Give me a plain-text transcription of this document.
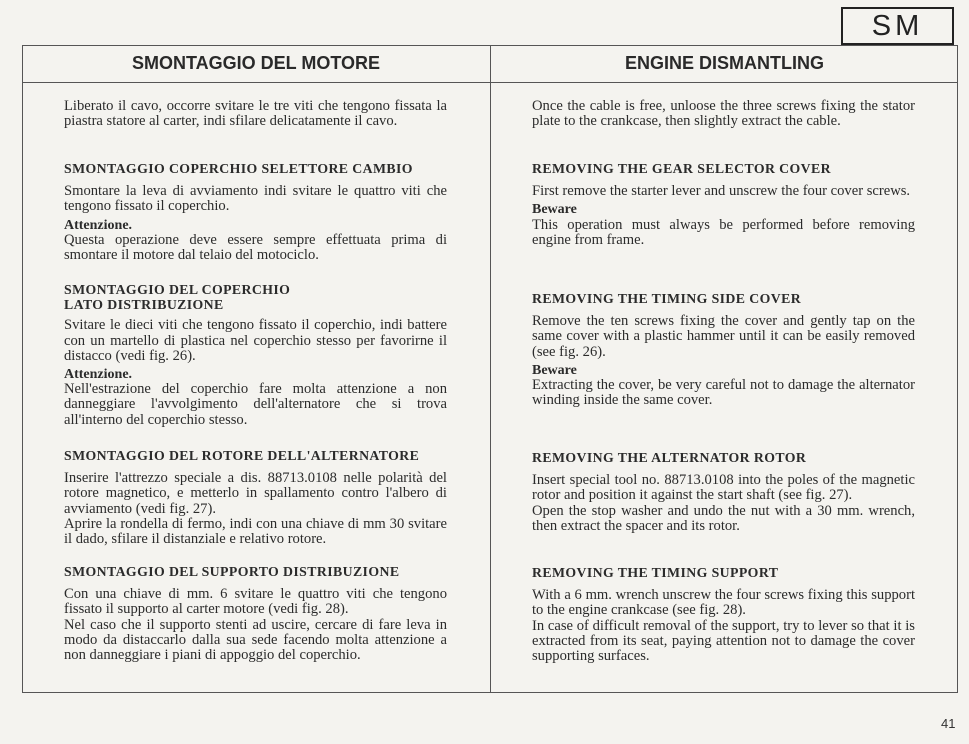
SM
SMONTAGGIO DEL MOTORE	ENGINE DISMANTLING

Liberato il cavo, occorre svitare le tre viti che tengono fissata la piastra statore al carter, indi sfilare delicatamente il cavo.

SMONTAGGIO COPERCHIO SELETTORE CAMBIO

Smontare la leva di avviamento indi svitare le quattro viti che tengono fissato il coperchio.

Attenzione.

Questa operazione deve essere sempre effettuata prima di smontare il motore dal telaio del motociclo.

SMONTAGGIO DEL COPERCHIO
LATO DISTRIBUZIONE

Svitare le dieci viti che tengono fissato il coperchio, indi battere con un martello di plastica nel coperchio stesso per favorirne il distacco (vedi fig. 26).

Attenzione.

Nell'estrazione del coperchio fare molta attenzione a non danneggiare l'avvolgimento dell'alternatore che si trova all'interno del coperchio stesso.

SMONTAGGIO DEL ROTORE DELL'ALTERNATORE

Inserire l'attrezzo speciale a dis. 88713.0108 nelle polarità del rotore magnetico, e metterlo in spallamento contro l'albero di avviamento (vedi fig. 27).

Aprire la rondella di fermo, indi con una chiave di mm 30 svitare il dado, sfilare il distanziale e relativo rotore.

SMONTAGGIO DEL SUPPORTO DISTRIBUZIONE

Con una chiave di mm. 6 svitare le quattro viti che tengono fissato il supporto al carter motore (vedi fig. 28).

Nel caso che il supporto stenti ad uscire, cercare di fare leva in modo da distaccarlo dalla sua sede facendo molta attenzione a non danneggiare i piani di appoggio del coperchio.

Once the cable is free, unloose the three screws fixing the stator plate to the crankcase, then slightly extract the cable.

REMOVING THE GEAR SELECTOR COVER

First remove the starter lever and unscrew the four cover screws.

Beware

This operation must always be performed before removing engine from frame.

REMOVING THE TIMING SIDE COVER

Remove the ten screws fixing the cover and gently tap on the same cover with a plastic hammer until it can be easily removed (see fig. 26).

Beware

Extracting the cover, be very careful not to damage the alternator winding inside the same cover.

REMOVING THE ALTERNATOR ROTOR

Insert special tool no. 88713.0108 into the poles of the magnetic rotor and position it against the start shaft (see fig. 27).

Open the stop washer and undo the nut with a 30 mm. wrench, then extract the spacer and its rotor.

REMOVING THE TIMING SUPPORT

With a 6 mm. wrench unscrew the four screws fixing this support to the engine crankcase (see fig. 28).

In case of difficult removal of the support, try to lever so that it is extracted from its seat, paying attention not to damage the cover supporting surfaces.

41
